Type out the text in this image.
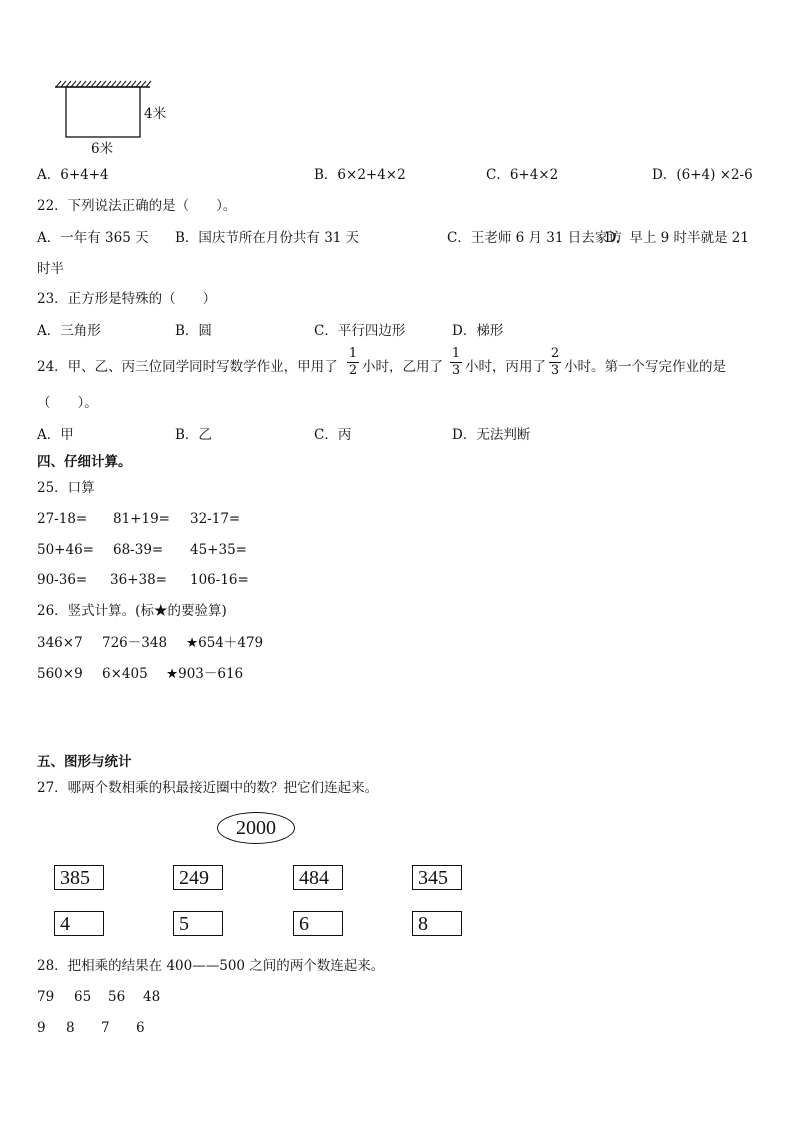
4米
6米
A．6+4+4	B．6×2+4×2	C．6+4×2	D．(6+4) ×2-6
22．下列说法正确的是（　　）。
A．一年有 365 天 B．国庆节所在月份共有 31 天	C．王老师 6 月 31 日去家访
D．早上 9 时半就是 21
时半
23．正方形是特殊的（　　）
A．三角形	B．圆	C．平行四边形	D．梯形
24．甲、乙、丙三位同学同时写数学作业，甲用了
1
2 小时，乙用了
1
3 小时，丙用了
2
3 小时。第一个写完作业的是
（　　）。
A．甲	B．乙	C．丙	D．无法判断
四、仔细计算。
25．口算
27-18= 81+19= 32-17=
50+46= 68-39= 45+35=
90-36= 36+38= 106-16=
26．竖式计算。(标★的要验算)
346×7 726－348 ★654＋479
560×9 6×405 ★903－616
五、图形与统计
27．哪两个数相乘的积最接近圈中的数？把它们连起来。
2000
385	249	484	345
4	5	6	8
28．把相乘的结果在 400——500 之间的两个数连起来。
79 65 56 48
9 8 7 6
